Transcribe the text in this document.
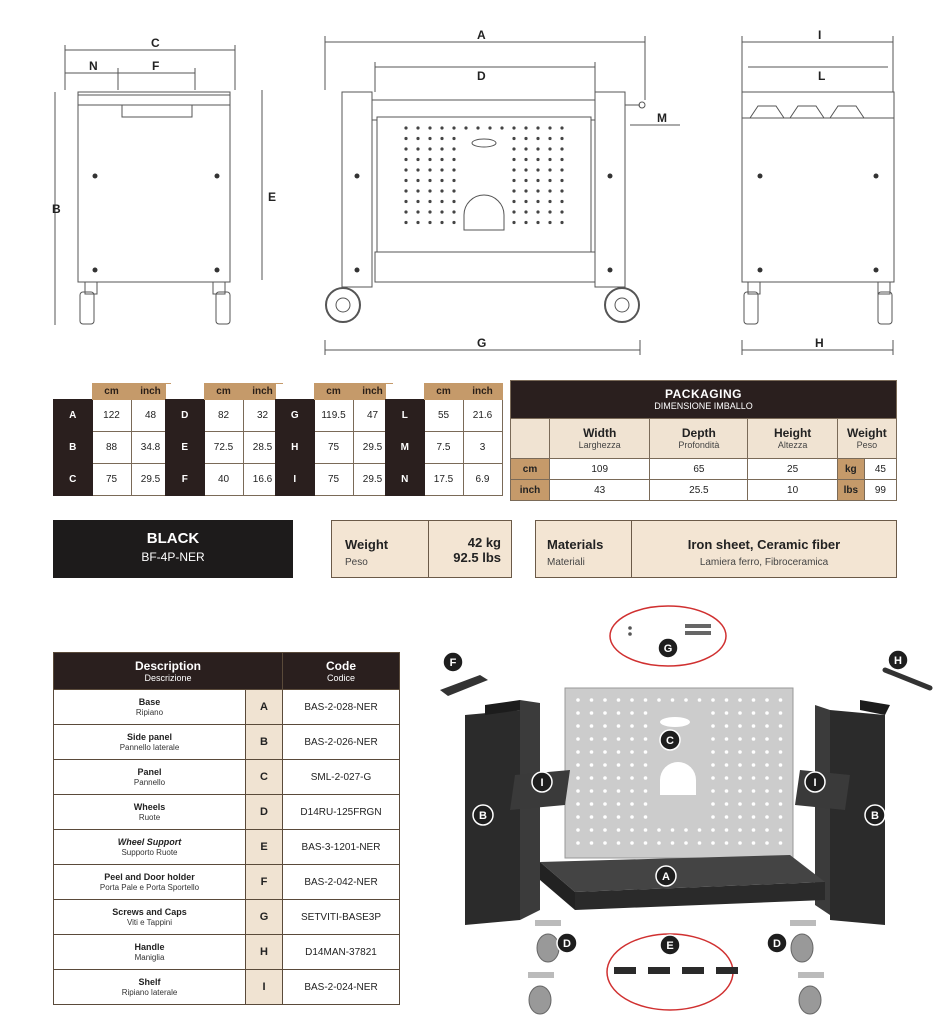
C
N	F
B
E
A
D
M
G
I
L
H
	cm	inch
A	122	48
B	88	34.8
C	75	29.5
	cm	inch
D	82	32
E	72.5	28.5
F	40	16.6
	cm	inch
G	119.5	47
H	75	29.5
I	75	29.5
	cm	inch
L	55	21.6
M	7.5	3
N	17.5	6.9
PACKAGING
DIMENSIONE IMBALLO					

	Width
Larghezza	Depth
Profondità	Height
Altezza	Weight
Peso	
cm	109	65	25	kg	45
inch	43	25.5	10	lbs	99
BLACK
BF-4P-NER
Weight
Peso
42 kg
92.5 lbs
Materials
Materiali
Iron sheet, Ceramic fiber
Lamiera ferro, Fibroceramica
Description
Descrizione		Code
Codice

Base
Ripiano	A	BAS-2-028-NER

Side panel
Pannello laterale	B	BAS-2-026-NER

Panel
Pannello	C	SML-2-027-G

Wheels
Ruote	D	D14RU-125FRGN

Wheel Support
Supporto Ruote	E	BAS-3-1201-NER

Peel and Door holder
Porta Pale e Porta Sportello	F	BAS-2-042-NER

Screws and Caps
Viti e Tappini	G	SETVITI-BASE3P

Handle
Maniglia	H	D14MAN-37821

Shelf
Ripiano laterale	I	BAS-2-024-NER
A
B	B
C
D	D
E
F
G
H
I	I
